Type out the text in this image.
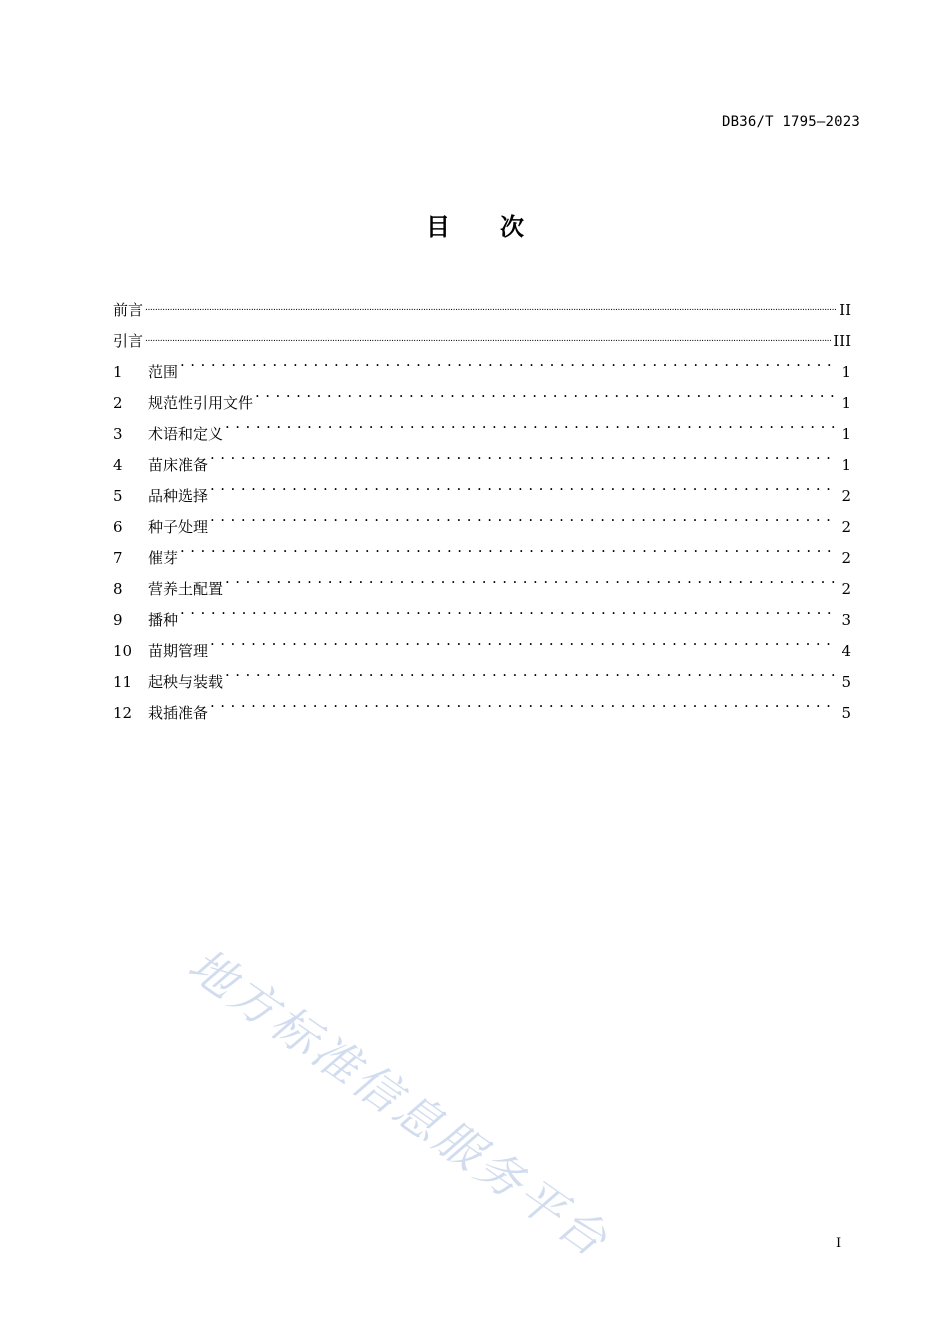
DB36/T 1795—2023
目次
前言 .....	II
引言 .....	III
1	范围 .....	1
2	规范性引用文件 .....	1
3	术语和定义 .....	1
4	苗床准备 .....	1
5	品种选择 .....	2
6	种子处理 .....	2
7	催芽 .....	2
8	营养土配置 .....	2
9	播种 .....	3
10	苗期管理 .....	4
11	起秧与装载 .....	5
12	栽插准备 .....	5
地方标准信息服务平台	I
